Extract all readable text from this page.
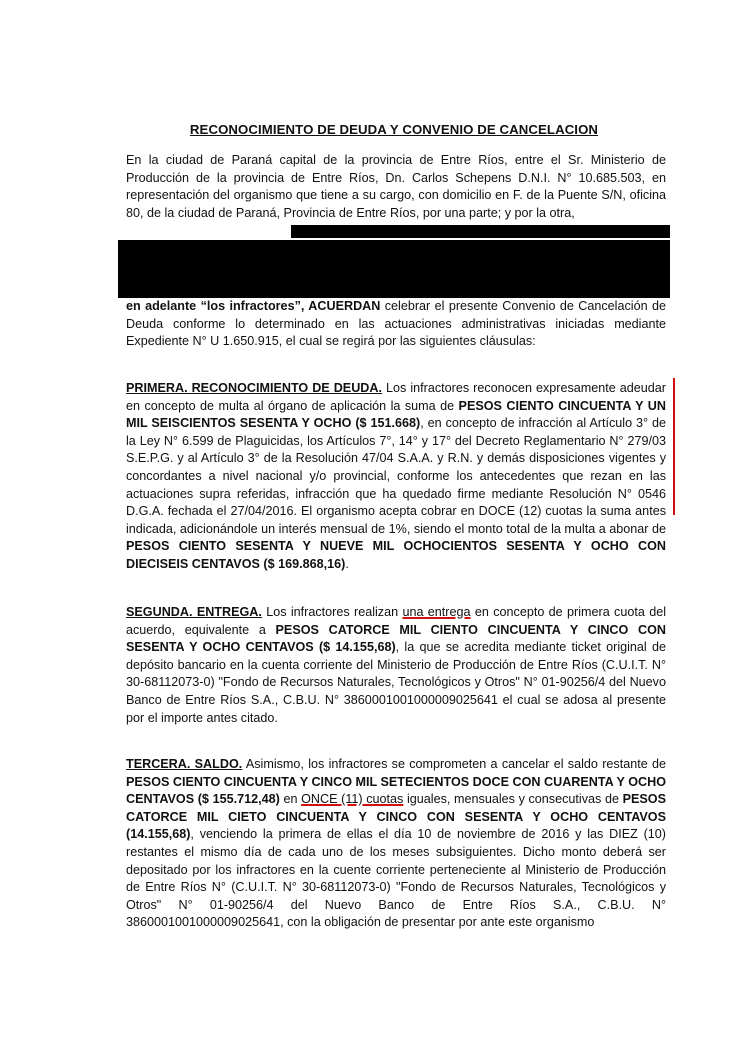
RECONOCIMIENTO DE DEUDA Y CONVENIO DE CANCELACION

En la ciudad de Paraná capital de la provincia de Entre Ríos, entre el Sr. Ministerio de Producción de la provincia de Entre Ríos, Dn. Carlos Schepens D.N.I. N° 10.685.503, en representación del organismo que tiene a su cargo, con domicilio en F. de la Puente S/N, oficina 80, de la ciudad de Paraná, Provincia de Entre Ríos, por una parte; y por la otra,

en adelante “los infractores”, ACUERDAN celebrar el presente Convenio de Cancelación de Deuda conforme lo determinado en las actuaciones administrativas iniciadas mediante Expediente N° U 1.650.915, el cual se regirá por las siguientes cláusulas:

PRIMERA. RECONOCIMIENTO DE DEUDA. Los infractores reconocen expresamente adeudar en concepto de multa al órgano de aplicación la suma de PESOS CIENTO CINCUENTA Y UN MIL SEISCIENTOS SESENTA Y OCHO ($ 151.668), en concepto de infracción al Artículo 3° de la Ley N° 6.599 de Plaguicidas, los Artículos 7°, 14° y 17° del Decreto Reglamentario N° 279/03 S.E.P.G. y al Artículo 3° de la Resolución 47/04 S.A.A. y R.N. y demás disposiciones vigentes y concordantes a nivel nacional y/o provincial, conforme los antecedentes que rezan en las actuaciones supra referidas, infracción que ha quedado firme mediante Resolución N° 0546 D.G.A. fechada el 27/04/2016. El organismo acepta cobrar en DOCE (12) cuotas la suma antes indicada, adicionándole un interés mensual de 1%, siendo el monto total de la multa a abonar de PESOS CIENTO SESENTA Y NUEVE MIL OCHOCIENTOS SESENTA Y OCHO CON DIECISEIS CENTAVOS ($ 169.868,16).

SEGUNDA. ENTREGA. Los infractores realizan una entrega en concepto de primera cuota del acuerdo, equivalente a PESOS CATORCE MIL CIENTO CINCUENTA Y CINCO CON SESENTA Y OCHO CENTAVOS ($ 14.155,68), la que se acredita mediante ticket original de depósito bancario en la cuenta corriente del Ministerio de Producción de Entre Ríos (C.U.I.T. N° 30-68112073-0) "Fondo de Recursos Naturales, Tecnológicos y Otros" N° 01-90256/4 del Nuevo Banco de Entre Ríos S.A., C.B.U. N° 3860001001000009025641 el cual se adosa al presente por el importe antes citado.

TERCERA. SALDO. Asimismo, los infractores se comprometen a cancelar el saldo restante de PESOS CIENTO CINCUENTA Y CINCO MIL SETECIENTOS DOCE CON CUARENTA Y OCHO CENTAVOS ($ 155.712,48) en ONCE (11) cuotas iguales, mensuales y consecutivas de PESOS CATORCE MIL CIETO CINCUENTA Y CINCO CON SESENTA Y OCHO CENTAVOS (14.155,68), venciendo la primera de ellas el día 10 de noviembre de 2016 y las DIEZ (10) restantes el mismo día de cada uno de los meses subsiguientes. Dicho monto deberá ser depositado por los infractores en la cuente corriente perteneciente al Ministerio de Producción de Entre Ríos N° (C.U.I.T. N° 30-68112073-0) "Fondo de Recursos Naturales, Tecnológicos y Otros" N° 01-90256/4 del Nuevo Banco de Entre Ríos S.A., C.B.U. N° 3860001001000009025641, con la obligación de presentar por ante este organismo
